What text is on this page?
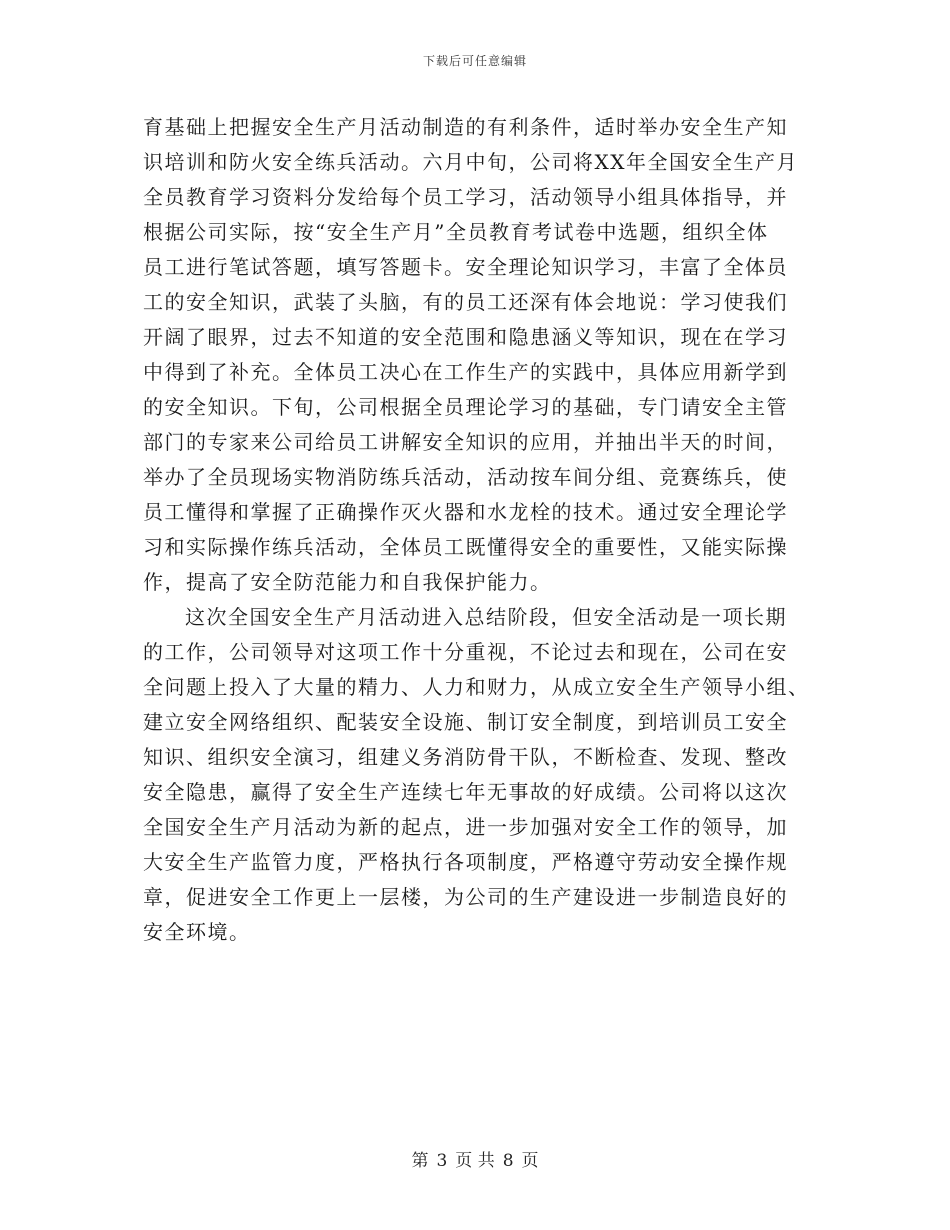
下载后可任意编辑
育基础上把握安全生产月活动制造的有利条件，适时举办安全生产知
识培训和防火安全练兵活动。六月中旬，公司将XX年全国安全生产月
全员教育学习资料分发给每个员工学习，活动领导小组具体指导，并
根据公司实际，按“安全生产月”全员教育考试卷中选题，组织全体
员工进行笔试答题，填写答题卡。安全理论知识学习，丰富了全体员
工的安全知识，武装了头脑，有的员工还深有体会地说：学习使我们
开阔了眼界，过去不知道的安全范围和隐患涵义等知识，现在在学习
中得到了补充。全体员工决心在工作生产的实践中，具体应用新学到
的安全知识。下旬，公司根据全员理论学习的基础，专门请安全主管
部门的专家来公司给员工讲解安全知识的应用，并抽出半天的时间，
举办了全员现场实物消防练兵活动，活动按车间分组、竞赛练兵，使
员工懂得和掌握了正确操作灭火器和水龙栓的技术。通过安全理论学
习和实际操作练兵活动，全体员工既懂得安全的重要性，又能实际操
作，提高了安全防范能力和自我保护能力。
这次全国安全生产月活动进入总结阶段，但安全活动是一项长期
的工作，公司领导对这项工作十分重视，不论过去和现在，公司在安
全问题上投入了大量的精力、人力和财力，从成立安全生产领导小组、
建立安全网络组织、配装安全设施、制订安全制度，到培训员工安全
知识、组织安全演习，组建义务消防骨干队，不断检查、发现、整改
安全隐患，赢得了安全生产连续七年无事故的好成绩。公司将以这次
全国安全生产月活动为新的起点，进一步加强对安全工作的领导，加
大安全生产监管力度，严格执行各项制度，严格遵守劳动安全操作规
章，促进安全工作更上一层楼，为公司的生产建设进一步制造良好的
安全环境。
第 3 页 共 8 页
